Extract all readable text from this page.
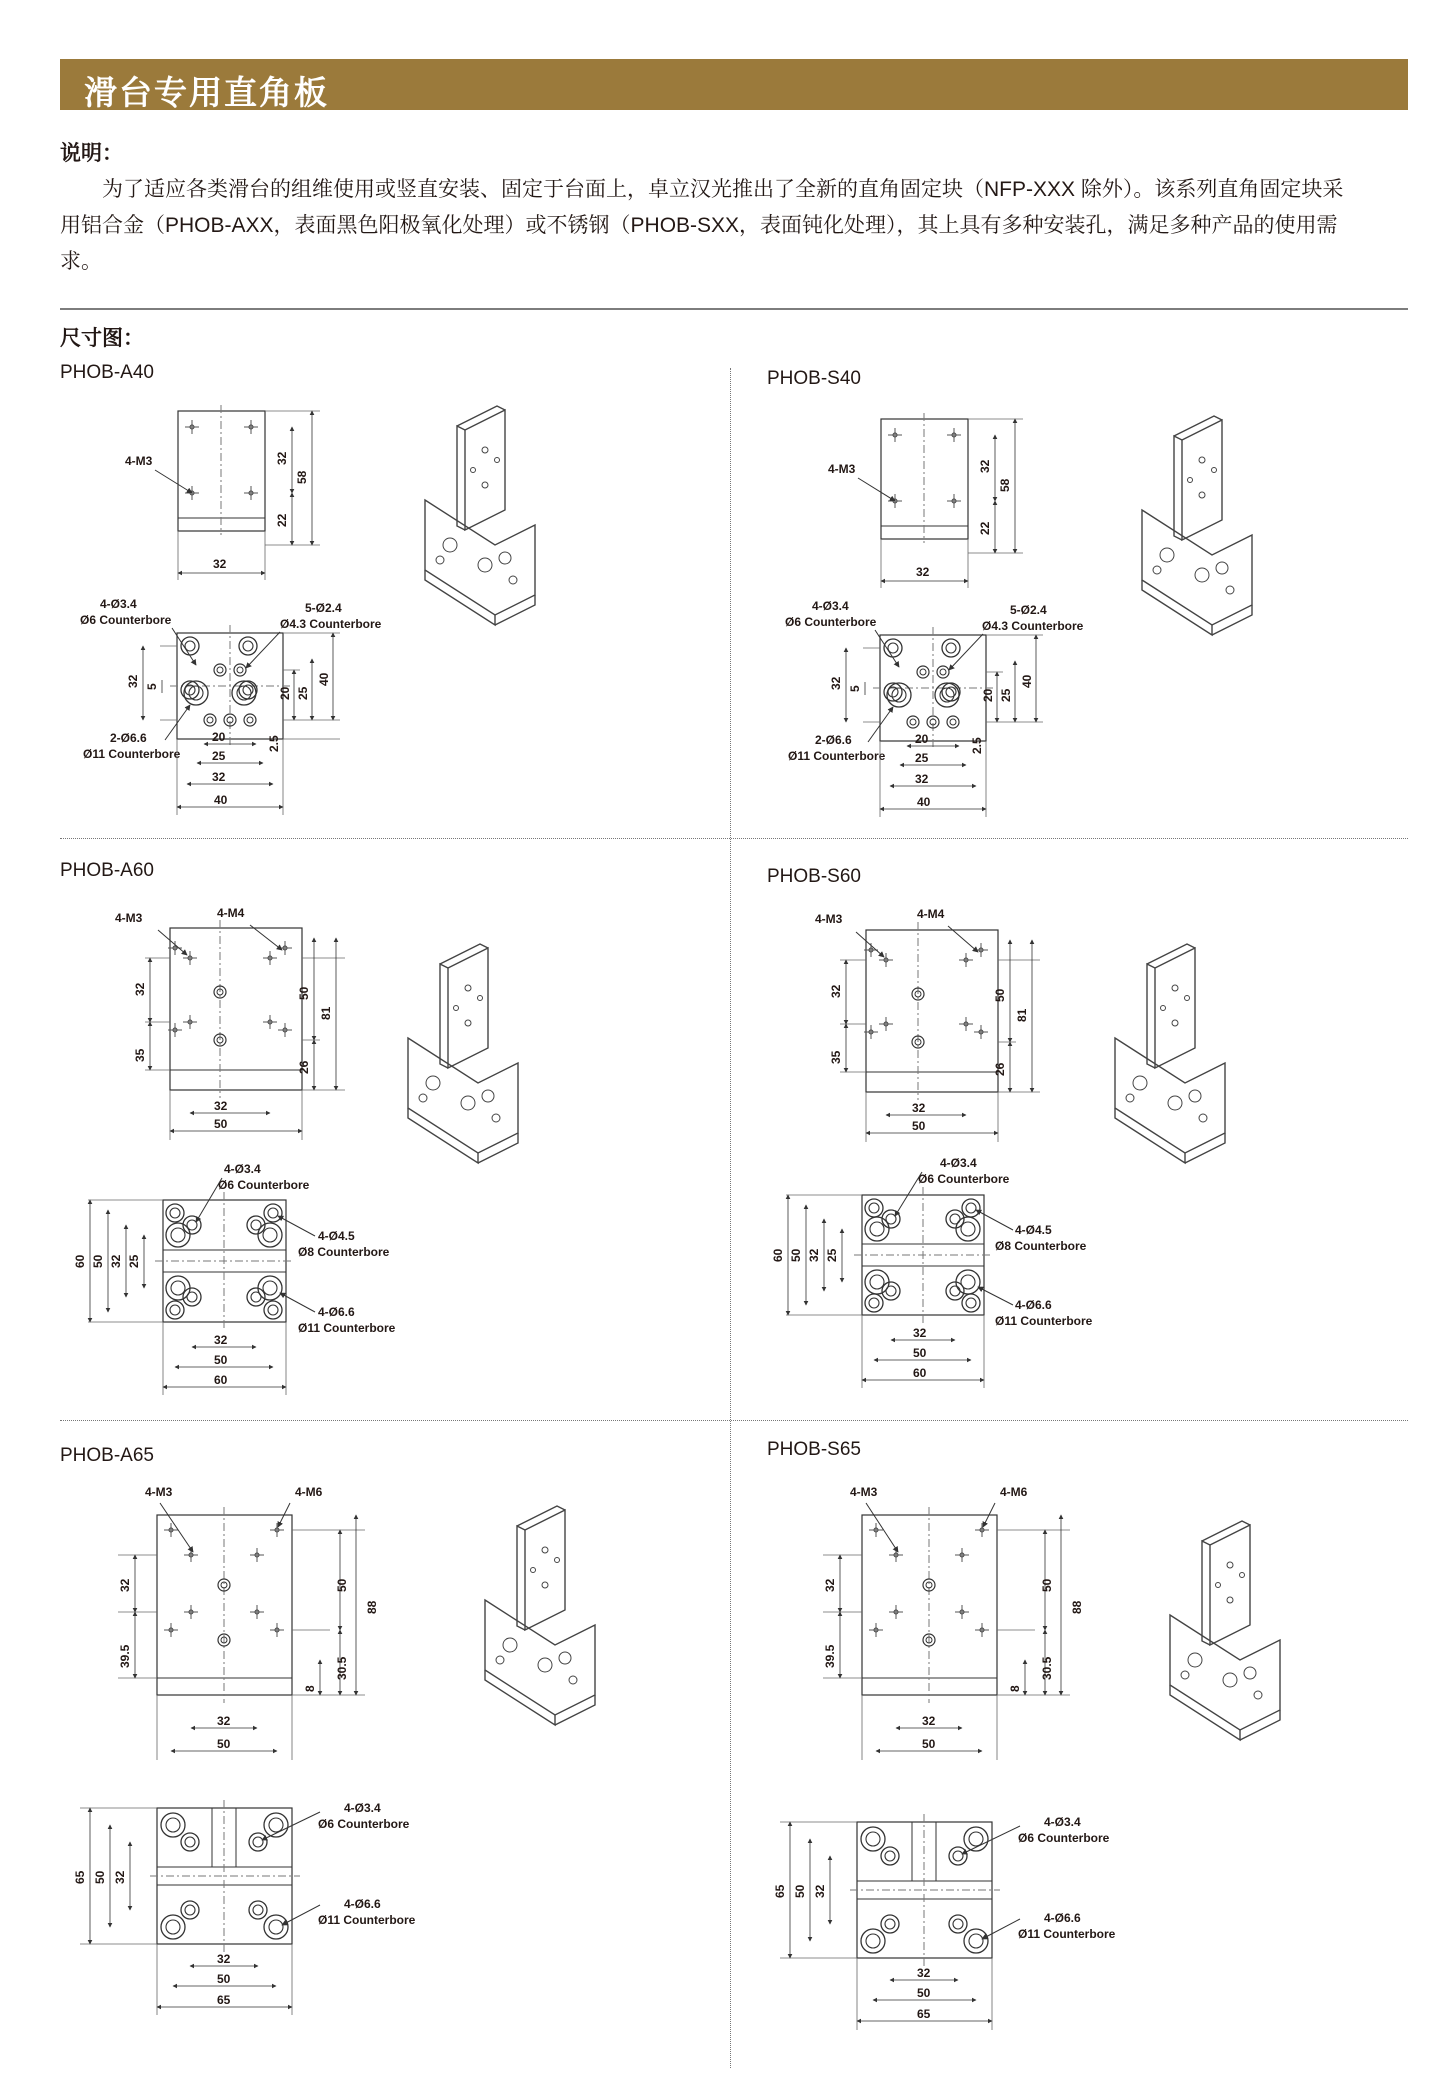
滑台专用直角板
说明：

为了适应各类滑台的组维使用或竖直安装、固定于台面上，卓立汉光推出了全新的直角固定块（NFP-XXX 除外）。该系列直角固定块采用铝合金（PHOB-AXX，表面黑色阳极氧化处理）或不锈钢（PHOB-SXX，表面钝化处理），其上具有多种安装孔，满足多种产品的使用需求。

尺寸图：
PHOB-A40	PHOB-S40
PHOB-A60	PHOB-S60
PHOB-A65	PHOB-S65
4-M3	32
58
22
32
4-Ø3.4
Ø6 Counterbore
5-Ø2.4
Ø4.3 Counterbore
2-Ø6.6
Ø11 Counterbore
32 5	20 25
40
2.5
20
25
32
40
4-M3	32
58
22
32
4-Ø3.4
Ø6 Counterbore
5-Ø2.4
Ø4.3 Counterbore
2-Ø6.6
Ø11 Counterbore
32 5	20 25
40
2.5
20
25
32
40
4-M3	4-M4
32
35
50
81
26
32
50
4-Ø3.4
Ø6 Counterbore
4-Ø4.5
Ø8 Counterbore
4-Ø6.6
Ø11 Counterbore
60 50 32 25
32
50
60
4-M3	4-M4
32
35
50
81
26
32
50
4-Ø3.4
Ø6 Counterbore
4-Ø4.5
Ø8 Counterbore
4-Ø6.6
Ø11 Counterbore
60 50 32 25
32
50
60
4-M3	4-M6
32
39.5
50
88
30.5
8
32
50
4-Ø3.4
Ø6 Counterbore
4-Ø6.6
Ø11 Counterbore
65 50 32
32
50
65
4-M3	4-M6
32
39.5
50
88
30.5
8
32
50
4-Ø3.4
Ø6 Counterbore
4-Ø6.6
Ø11 Counterbore
65 50 32
32
50
65
